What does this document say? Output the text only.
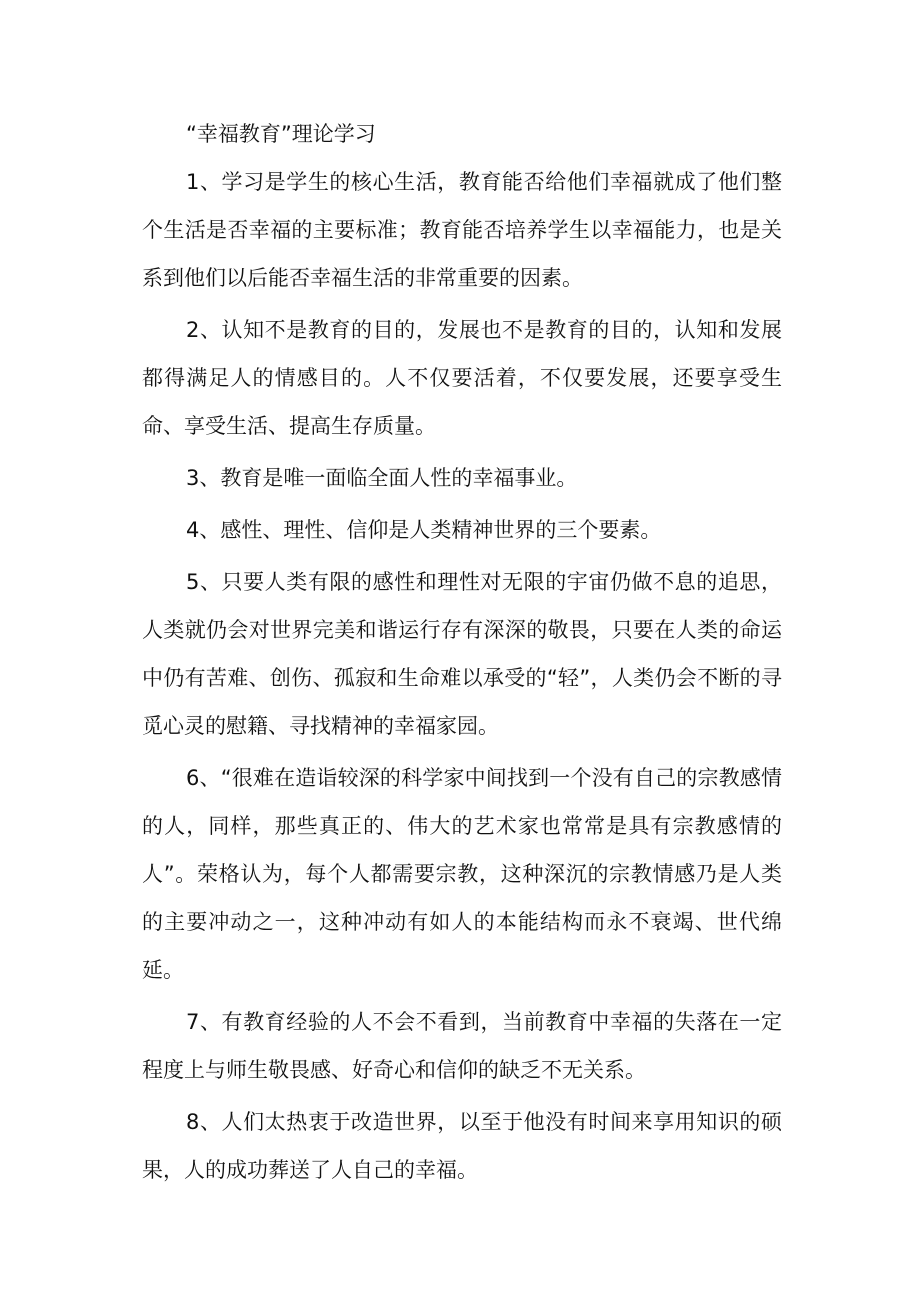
“幸福教育”理论学习

1、学习是学生的核心生活，教育能否给他们幸福就成了他们整个生活是否幸福的主要标准；教育能否培养学生以幸福能力，也是关系到他们以后能否幸福生活的非常重要的因素。

2、认知不是教育的目的，发展也不是教育的目的，认知和发展都得满足人的情感目的。人不仅要活着，不仅要发展，还要享受生命、享受生活、提高生存质量。

3、教育是唯一面临全面人性的幸福事业。

4、感性、理性、信仰是人类精神世界的三个要素。

5、只要人类有限的感性和理性对无限的宇宙仍做不息的追思，人类就仍会对世界完美和谐运行存有深深的敬畏，只要在人类的命运中仍有苦难、创伤、孤寂和生命难以承受的“轻”，人类仍会不断的寻觅心灵的慰籍、寻找精神的幸福家园。

6、“很难在造诣较深的科学家中间找到一个没有自己的宗教感情的人，同样，那些真正的、伟大的艺术家也常常是具有宗教感情的人”。荣格认为，每个人都需要宗教，这种深沉的宗教情感乃是人类的主要冲动之一，这种冲动有如人的本能结构而永不衰竭、世代绵延。

7、有教育经验的人不会不看到，当前教育中幸福的失落在一定程度上与师生敬畏感、好奇心和信仰的缺乏不无关系。

8、人们太热衷于改造世界，以至于他没有时间来享用知识的硕果，人的成功葬送了人自己的幸福。
